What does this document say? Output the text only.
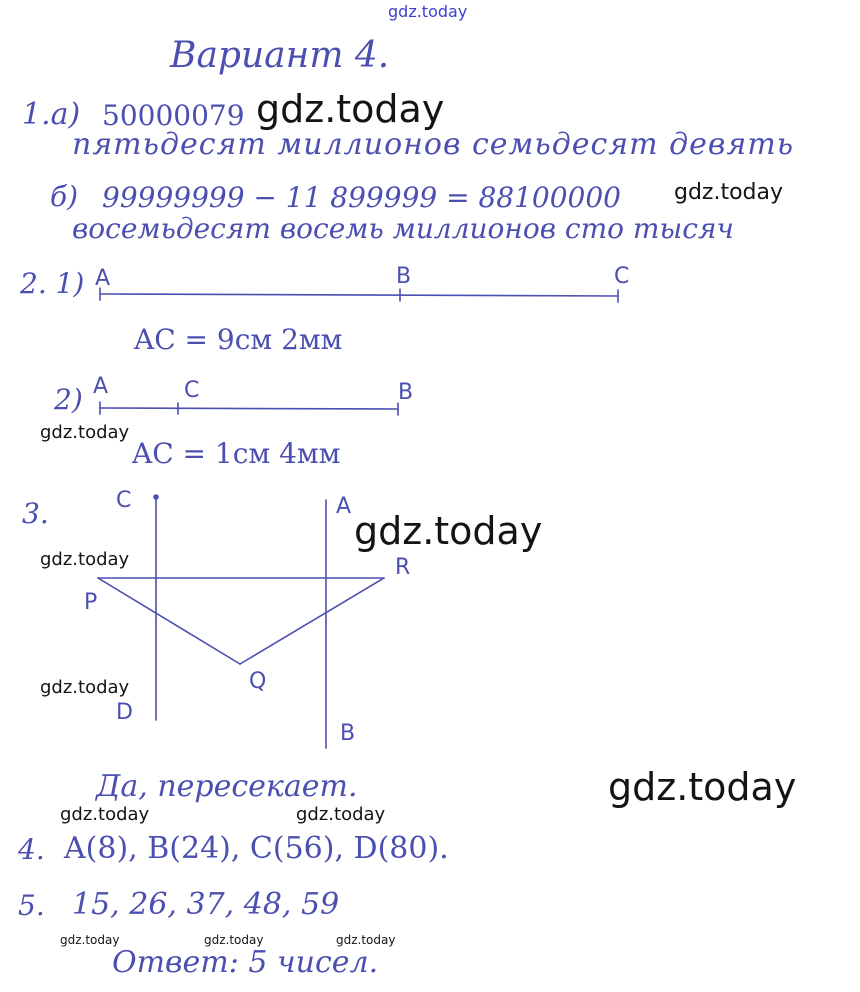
gdz.today
Вариант 4.
1.а) 50000079
пятьдесят миллионов семьдесят девять
gdz.today
б) 99999999 − 11 899999 = 88100000 gdz.today
восемьдесят восемь миллионов сто тысяч
2. 1) A	B	C
AC = 9см 2мм
2) A	C	B
gdz.today
AC = 1см 4мм
3.	C	A
gdz.today
gdz.today	R
P
Q
gdz.today
D
B
Да, пересекает.	gdz.today
gdz.today	gdz.today
4. A(8), B(24), C(56), D(80).
5. 15, 26, 37, 48, 59
gdz.today	gdz.today	gdz.today
Ответ: 5 чисел.
